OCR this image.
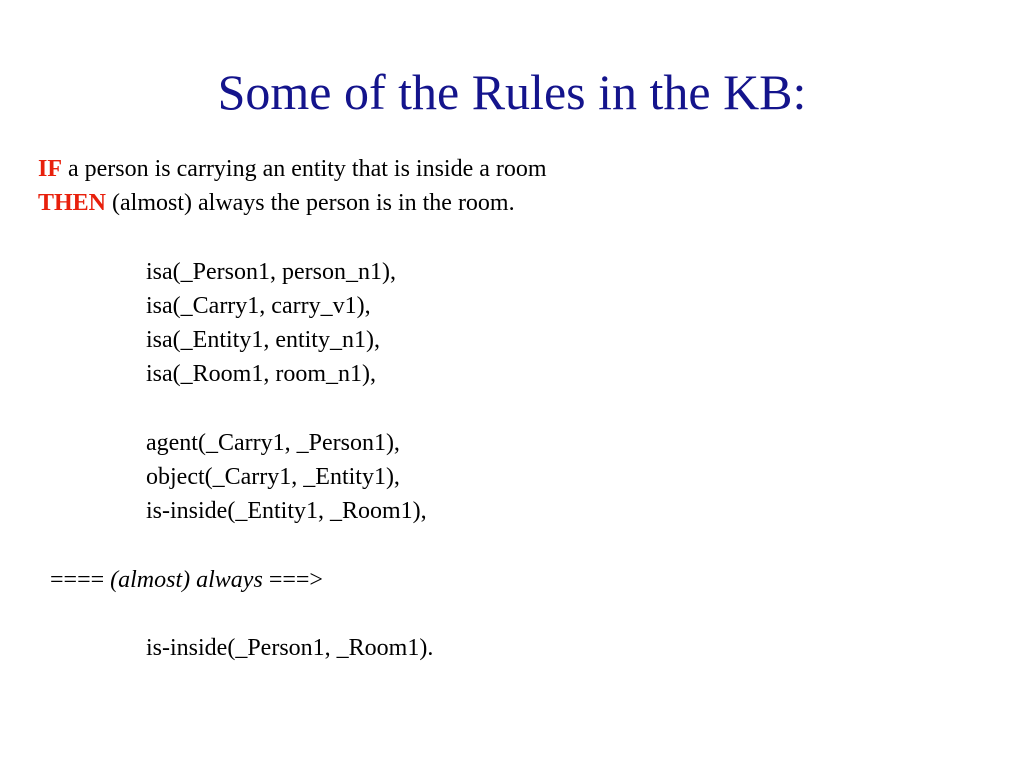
Some of the Rules in the KB:
IF a person is carrying an entity that is inside a room
THEN (almost) always the person is in the room.
isa(_Person1, person_n1),
isa(_Carry1, carry_v1),
isa(_Entity1, entity_n1),
isa(_Room1, room_n1),
agent(_Carry1, _Person1),
object(_Carry1, _Entity1),
is-inside(_Entity1, _Room1),
==== (almost) always ===>
is-inside(_Person1, _Room1).
